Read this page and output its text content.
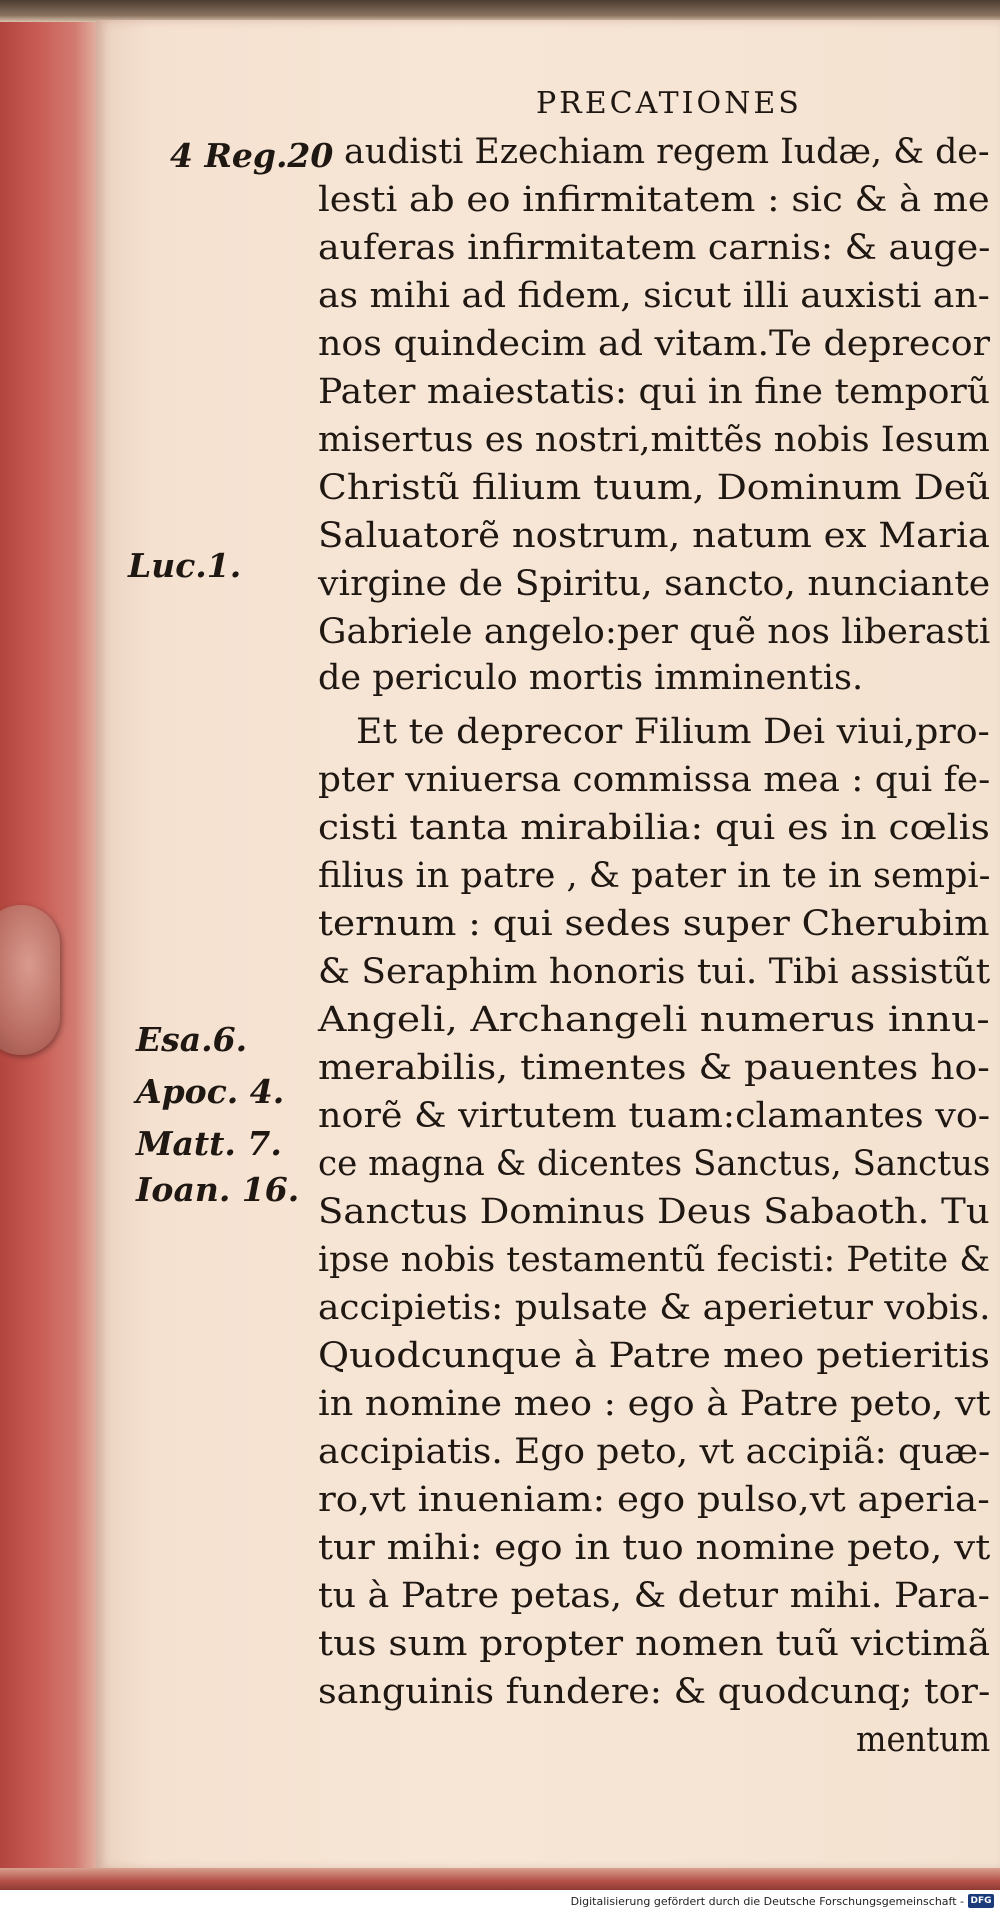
PRECATIONES
4 Reg.20
Luc.1.
Esa.6.
Apoc. 4.
Matt. 7.
Ioan. 16.
audisti Ezechiam regem Iudæ, & de-
lesti ab eo infirmitatem : sic & à me
auferas infirmitatem carnis: & auge-
as mihi ad fidem, sicut illi auxisti an-
nos quindecim ad vitam.Te deprecor
Pater maiestatis: qui in fine temporũ
misertus es nostri,mittẽs nobis Iesum
Christũ filium tuum, Dominum Deũ
Saluatorẽ nostrum, natum ex Maria
virgine de Spiritu, sancto, nunciante
Gabriele angelo:per quẽ nos liberasti
de periculo mortis imminentis.
Et te deprecor Filium Dei viui,pro-
pter vniuersa commissa mea : qui fe-
cisti tanta mirabilia: qui es in cœlis
filius in patre , & pater in te in sempi-
ternum : qui sedes super Cherubim
& Seraphim honoris tui. Tibi assistũt
Angeli, Archangeli numerus innu-
merabilis, timentes & pauentes ho-
norẽ & virtutem tuam:clamantes vo-
ce magna & dicentes Sanctus, Sanctus
Sanctus Dominus Deus Sabaoth. Tu
ipse nobis testamentũ fecisti: Petite &
accipietis: pulsate & aperietur vobis.
Quodcunque à Patre meo petieritis
in nomine meo : ego à Patre peto, vt
accipiatis. Ego peto, vt accipiã: quæ-
ro,vt inueniam: ego pulso,vt aperia-
tur mihi: ego in tuo nomine peto, vt
tu à Patre petas, & detur mihi. Para-
tus sum propter nomen tuũ victimã
sanguinis fundere: & quodcunq; tor-
mentum
Digitalisierung gefördert durch die Deutsche Forschungsgemeinschaft - DFG
